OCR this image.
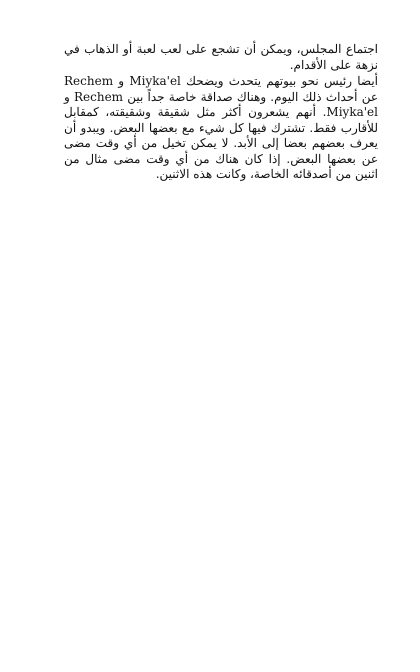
اجتماع المجلس، ويمكن أن تشجع على لعب لعبة أو الذهاب في نزهة على الأقدام.

أيضا رئيس نحو بيوتهم يتحدث ويضحك Miyka'el و Rechem عن أحداث ذلك اليوم. وهناك صداقة خاصة جداً بين Rechem و Miyka'el. أنهم يشعرون أكثر مثل شقيقة وشقيقته، كمقابل للأقارب فقط. تشترك فيها كل شيء مع بعضها البعض. ويبدو أن يعرف بعضهم بعضا إلى الأبد. لا يمكن تخيل من أي وقت مضى عن بعضها البعض. إذا كان هناك من أي وقت مضى مثال من اثنين من أصدقائه الخاصة، وكانت هذه الاثنين.
